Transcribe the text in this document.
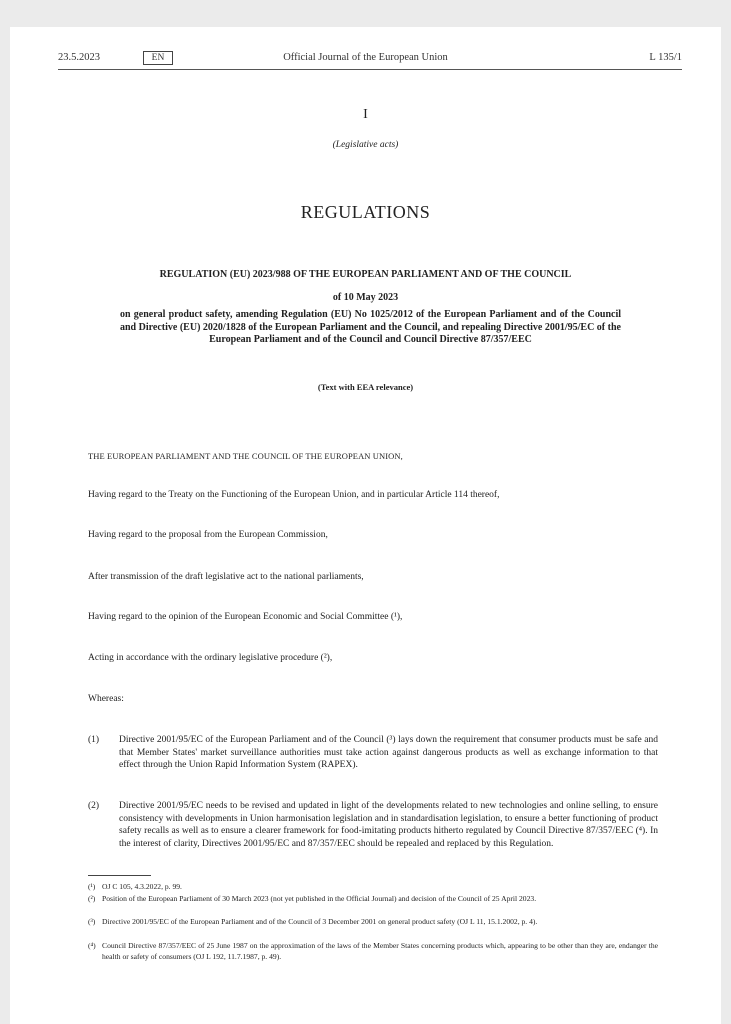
23.5.2023	EN	Official Journal of the European Union	L 135/1
I
(Legislative acts)
REGULATIONS
REGULATION (EU) 2023/988 OF THE EUROPEAN PARLIAMENT AND OF THE COUNCIL
of 10 May 2023
on general product safety, amending Regulation (EU) No 1025/2012 of the European Parliament and of the Council and Directive (EU) 2020/1828 of the European Parliament and the Council, and repealing Directive 2001/95/EC of the European Parliament and of the Council and Council Directive 87/357/EEC
(Text with EEA relevance)
THE EUROPEAN PARLIAMENT AND THE COUNCIL OF THE EUROPEAN UNION,
Having regard to the Treaty on the Functioning of the European Union, and in particular Article 114 thereof,
Having regard to the proposal from the European Commission,
After transmission of the draft legislative act to the national parliaments,
Having regard to the opinion of the European Economic and Social Committee (¹),
Acting in accordance with the ordinary legislative procedure (²),
Whereas:
(1) Directive 2001/95/EC of the European Parliament and of the Council (³) lays down the requirement that consumer products must be safe and that Member States' market surveillance authorities must take action against dangerous products as well as exchange information to that effect through the Union Rapid Information System (RAPEX).
(2) Directive 2001/95/EC needs to be revised and updated in light of the developments related to new technologies and online selling, to ensure consistency with developments in Union harmonisation legislation and in standardisation legislation, to ensure a better functioning of product safety recalls as well as to ensure a clearer framework for food-imitating products hitherto regulated by Council Directive 87/357/EEC (⁴). In the interest of clarity, Directives 2001/95/EC and 87/357/EEC should be repealed and replaced by this Regulation.
(¹) OJ C 105, 4.3.2022, p. 99.
(²) Position of the European Parliament of 30 March 2023 (not yet published in the Official Journal) and decision of the Council of 25 April 2023.
(³) Directive 2001/95/EC of the European Parliament and of the Council of 3 December 2001 on general product safety (OJ L 11, 15.1.2002, p. 4).
(⁴) Council Directive 87/357/EEC of 25 June 1987 on the approximation of the laws of the Member States concerning products which, appearing to be other than they are, endanger the health or safety of consumers (OJ L 192, 11.7.1987, p. 49).
